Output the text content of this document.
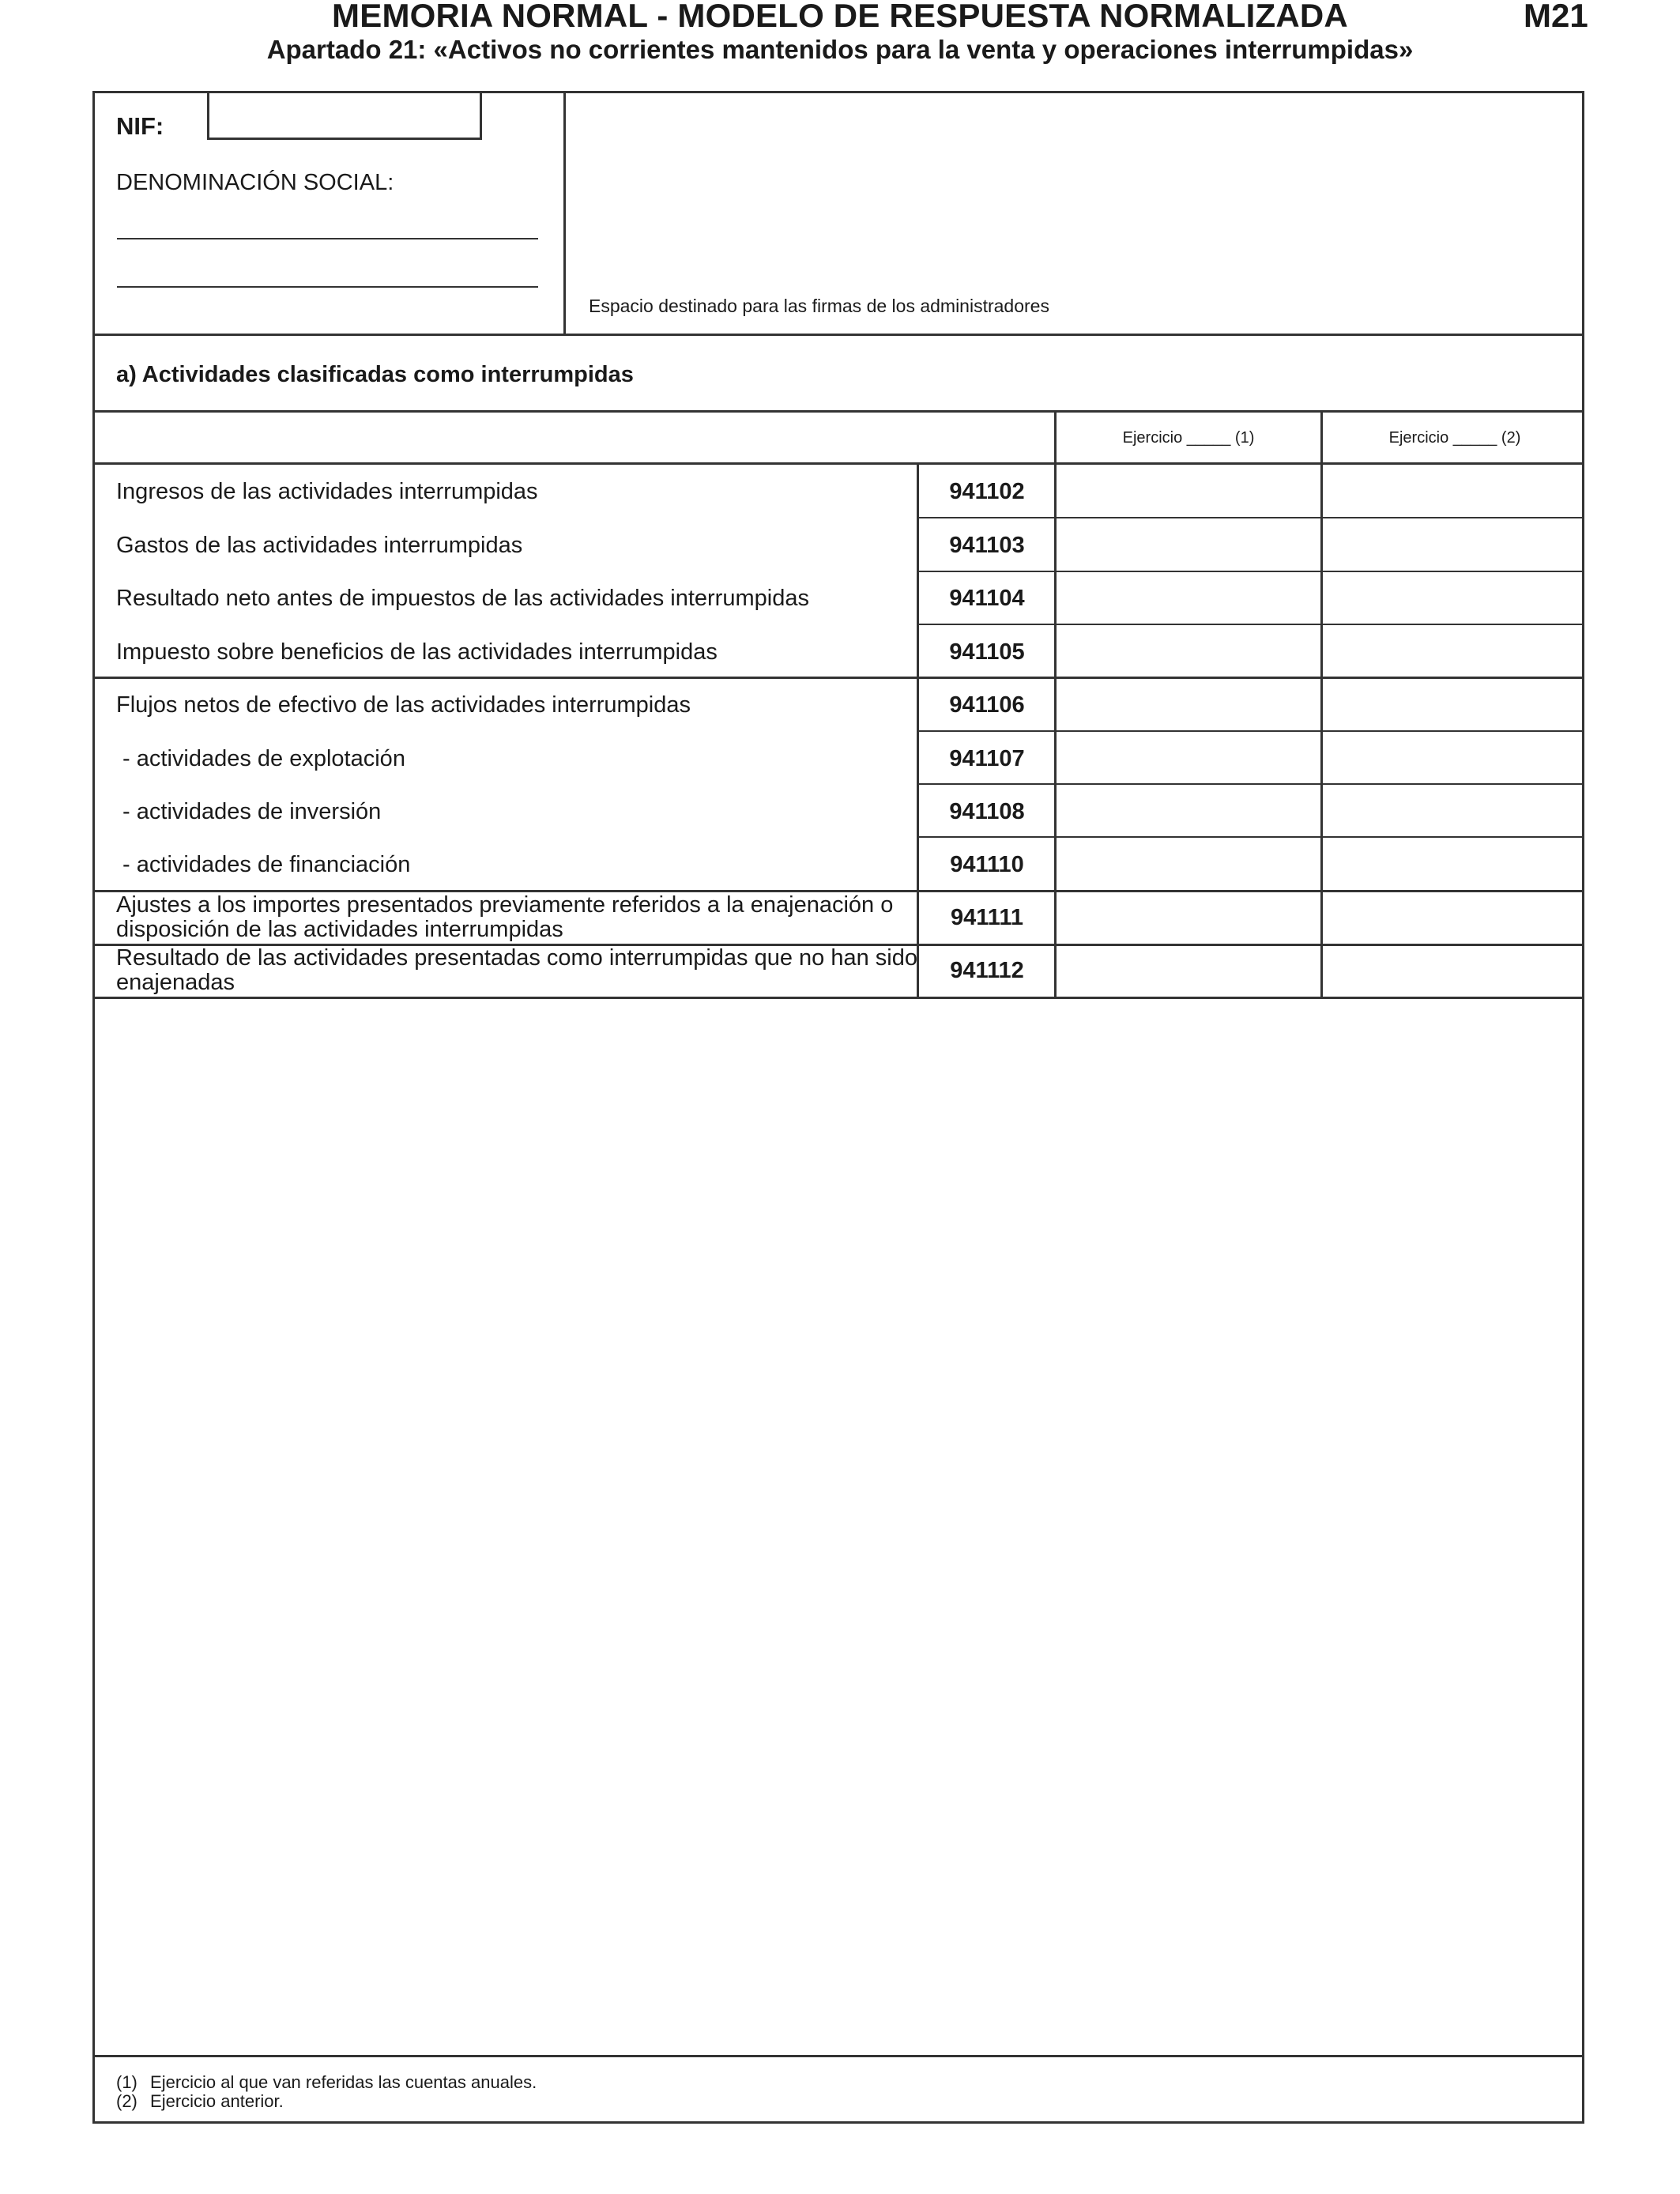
MEMORIA NORMAL - MODELO DE RESPUESTA NORMALIZADA
Apartado 21: «Activos no corrientes mantenidos para la venta y operaciones interrumpidas»
M21
NIF:
DENOMINACIÓN SOCIAL:
Espacio destinado para las firmas de los administradores
a) Actividades clasificadas como interrumpidas
Ejercicio _____ (1)	Ejercicio _____ (2)
Ingresos de las actividades interrumpidas	941102
Gastos de las actividades interrumpidas	941103
Resultado neto antes de impuestos de las actividades interrumpidas	941104
Impuesto sobre beneficios de las actividades interrumpidas	941105
Flujos netos de efectivo de las actividades interrumpidas	941106
- actividades de explotación	941107
- actividades de inversión	941108
- actividades de financiación	941110
Ajustes a los importes presentados previamente referidos a la enajenación o
disposición de las actividades interrumpidas	941111
Resultado de las actividades presentadas como interrumpidas que no han sido
enajenadas	941112
(1) Ejercicio al que van referidas las cuentas anuales.
(2) Ejercicio anterior.
